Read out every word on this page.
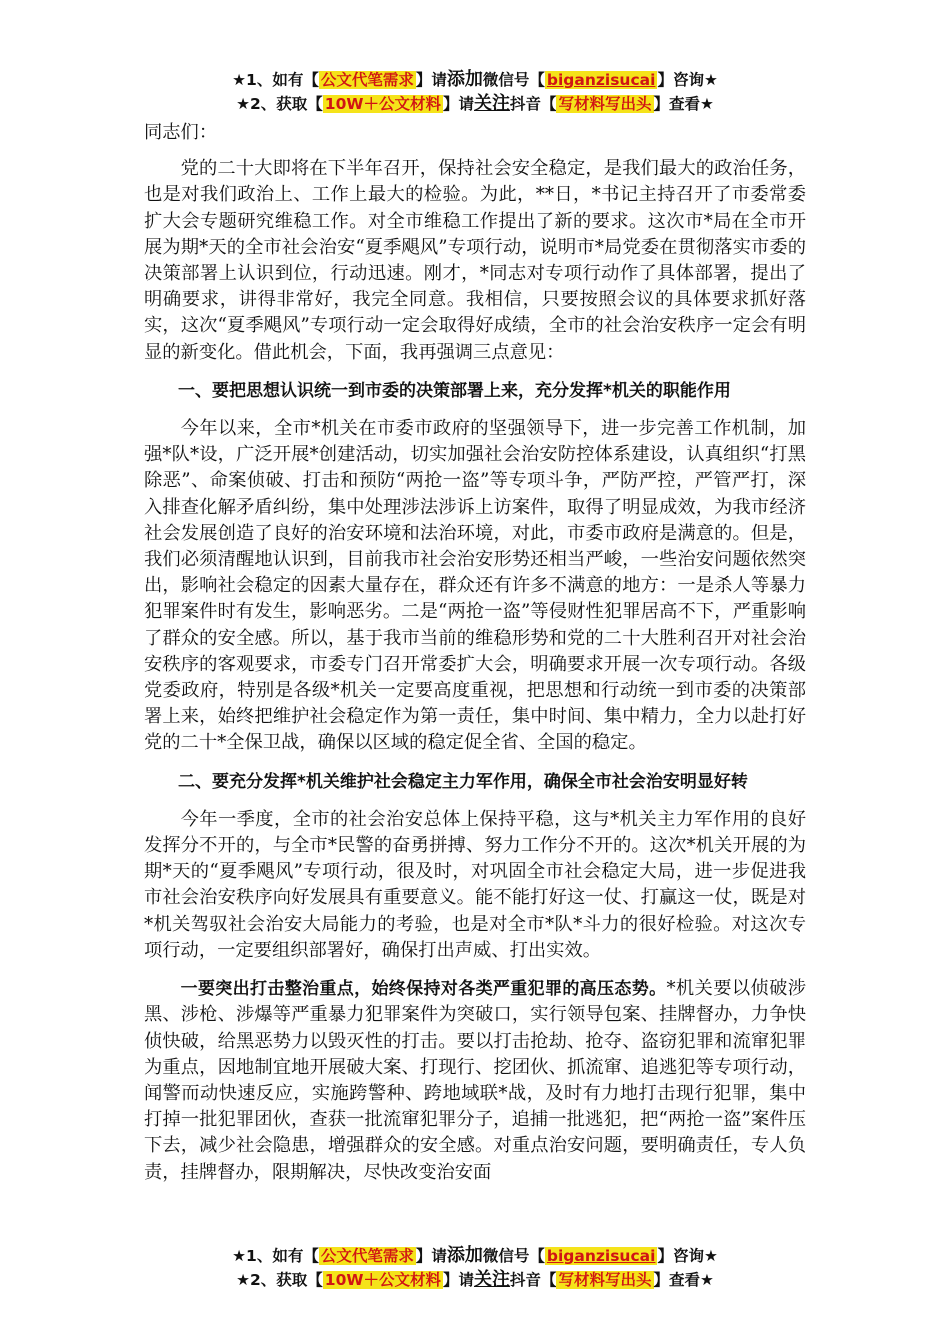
★1、如有【 公文代笔需求 】请添加微信号【 biganzisucai 】咨询★
★2、获取【 10W＋公文材料 】请关注抖音【 写材料写出头 】查看★

同志们：

党的二十大即将在下半年召开，保持社会安全稳定，是我们最大的政治任务，也是对我们政治上、工作上最大的检验。为此，**日，*书记主持召开了市委常委扩大会专题研究维稳工作。对全市维稳工作提出了新的要求。这次市*局在全市开展为期*天的全市社会治安“夏季飓风”专项行动，说明市*局党委在贯彻落实市委的决策部署上认识到位，行动迅速。刚才，*同志对专项行动作了具体部署，提出了明确要求，讲得非常好，我完全同意。我相信，只要按照会议的具体要求抓好落实，这次“夏季飓风”专项行动一定会取得好成绩，全市的社会治安秩序一定会有明显的新变化。借此机会，下面，我再强调三点意见：

一、要把思想认识统一到市委的决策部署上来，充分发挥*机关的职能作用

今年以来，全市*机关在市委市政府的坚强领导下，进一步完善工作机制，加强*队*设，广泛开展*创建活动，切实加强社会治安防控体系建设，认真组织“打黑除恶”、命案侦破、打击和预防“两抢一盗”等专项斗争，严防严控，严管严打，深入排查化解矛盾纠纷，集中处理涉法涉诉上访案件，取得了明显成效，为我市经济社会发展创造了良好的治安环境和法治环境，对此，市委市政府是满意的。但是，我们必须清醒地认识到，目前我市社会治安形势还相当严峻，一些治安问题依然突出，影响社会稳定的因素大量存在，群众还有许多不满意的地方：一是杀人等暴力犯罪案件时有发生，影响恶劣。二是“两抢一盗”等侵财性犯罪居高不下，严重影响了群众的安全感。所以，基于我市当前的维稳形势和党的二十大胜利召开对社会治安秩序的客观要求，市委专门召开常委扩大会，明确要求开展一次专项行动。各级党委政府，特别是各级*机关一定要高度重视，把思想和行动统一到市委的决策部署上来，始终把维护社会稳定作为第一责任，集中时间、集中精力，全力以赴打好党的二十*全保卫战，确保以区域的稳定促全省、全国的稳定。

二、要充分发挥*机关维护社会稳定主力军作用，确保全市社会治安明显好转

今年一季度，全市的社会治安总体上保持平稳，这与*机关主力军作用的良好发挥分不开的，与全市*民警的奋勇拼搏、努力工作分不开的。这次*机关开展的为期*天的“夏季飓风”专项行动，很及时，对巩固全市社会稳定大局，进一步促进我市社会治安秩序向好发展具有重要意义。能不能打好这一仗、打赢这一仗，既是对*机关驾驭社会治安大局能力的考验，也是对全市*队*斗力的很好检验。对这次专项行动，一定要组织部署好，确保打出声威、打出实效。

一要突出打击整治重点，始终保持对各类严重犯罪的高压态势。*机关要以侦破涉黑、涉枪、涉爆等严重暴力犯罪案件为突破口，实行领导包案、挂牌督办，力争快侦快破，给黑恶势力以毁灭性的打击。要以打击抢劫、抢夺、盗窃犯罪和流窜犯罪为重点，因地制宜地开展破大案、打现行、挖团伙、抓流窜、追逃犯等专项行动，闻警而动快速反应，实施跨警种、跨地域联*战，及时有力地打击现行犯罪，集中打掉一批犯罪团伙，查获一批流窜犯罪分子，追捕一批逃犯，把“两抢一盗”案件压下去，减少社会隐患，增强群众的安全感。对重点治安问题，要明确责任，专人负责，挂牌督办，限期解决，尽快改变治安面

★1、如有【 公文代笔需求 】请添加微信号【 biganzisucai 】咨询★
★2、获取【 10W＋公文材料 】请关注抖音【 写材料写出头 】查看★
